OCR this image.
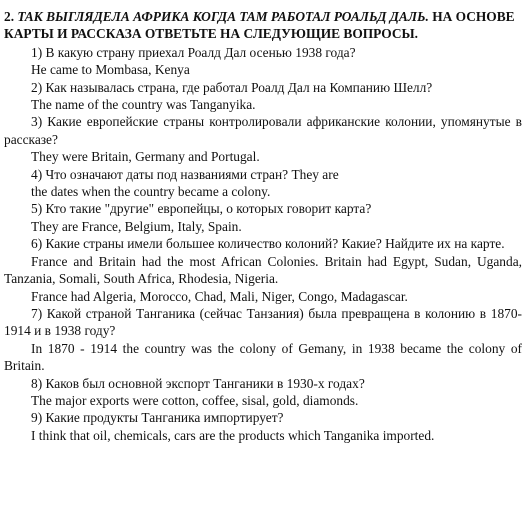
2. ТАК ВЫГЛЯДЕЛА АФРИКА КОГДА ТАМ РАБОТАЛ РОАЛЬД ДАЛЬ. НА ОСНОВЕ КАРТЫ И РАССКАЗА ОТВЕТЬТЕ НА СЛЕДУЮЩИЕ ВОПРОСЫ.

1) В какую страну приехал Роалд Дал осенью 1938 года?

He came to Mombasa, Kenya

2) Как называлась страна, где работал Роалд Дал на Компанию Шелл?

The name of the country was Tanganyika.

3) Какие европейские страны контролировали африканские колонии, упомянутые в рассказе?

They were Britain, Germany and Portugal.

4) Что означают даты под названиями стран? They are

the dates when the country became a colony.

5) Кто такие "другие" европейцы, о которых говорит карта?

They are France, Belgium, Italy, Spain.

6) Какие страны имели большее количество колоний? Какие? Найдите их на карте.

France and Britain had the most African Colonies. Britain had Egypt, Sudan, Uganda, Tanzania, Somali, South Africa, Rhodesia, Nigeria.

France had Algeria, Morocco, Chad, Mali, Niger, Congo, Madagascar.

7) Какой страной Танганика (сейчас Танзания) была превращена в колонию в 1870-1914 и в 1938 году?

In 1870 - 1914 the country was the colony of Gemany, in 1938 became the colony of Britain.

8) Каков был основной экспорт Танганики в 1930-х годах?

The major exports were cotton, coffee, sisal, gold, diamonds.

9) Какие продукты Танганика импортирует?

I think that oil, chemicals, cars are the products which Tanganika imported.
